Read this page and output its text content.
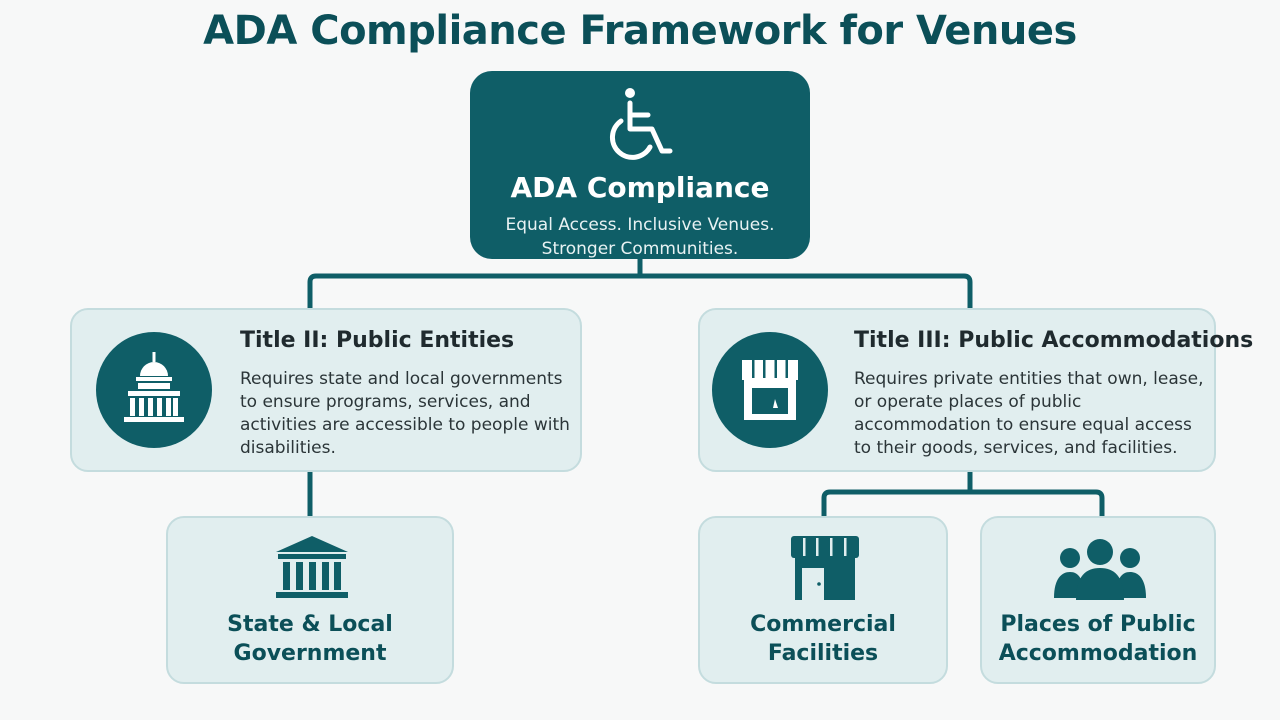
ADA Compliance Framework for Venues
ADA Compliance
Equal Access. Inclusive Venues.
Stronger Communities.
Title II: Public Entities
Requires state and local governments to ensure programs, services, and activities are accessible to people with disabilities.
Title III: Public Accommodations
Requires private entities that own, lease, or operate places of public accommodation to ensure equal access to their goods, services, and facilities.
State & Local
Government
Commercial
Facilities
Places of Public
Accommodation
